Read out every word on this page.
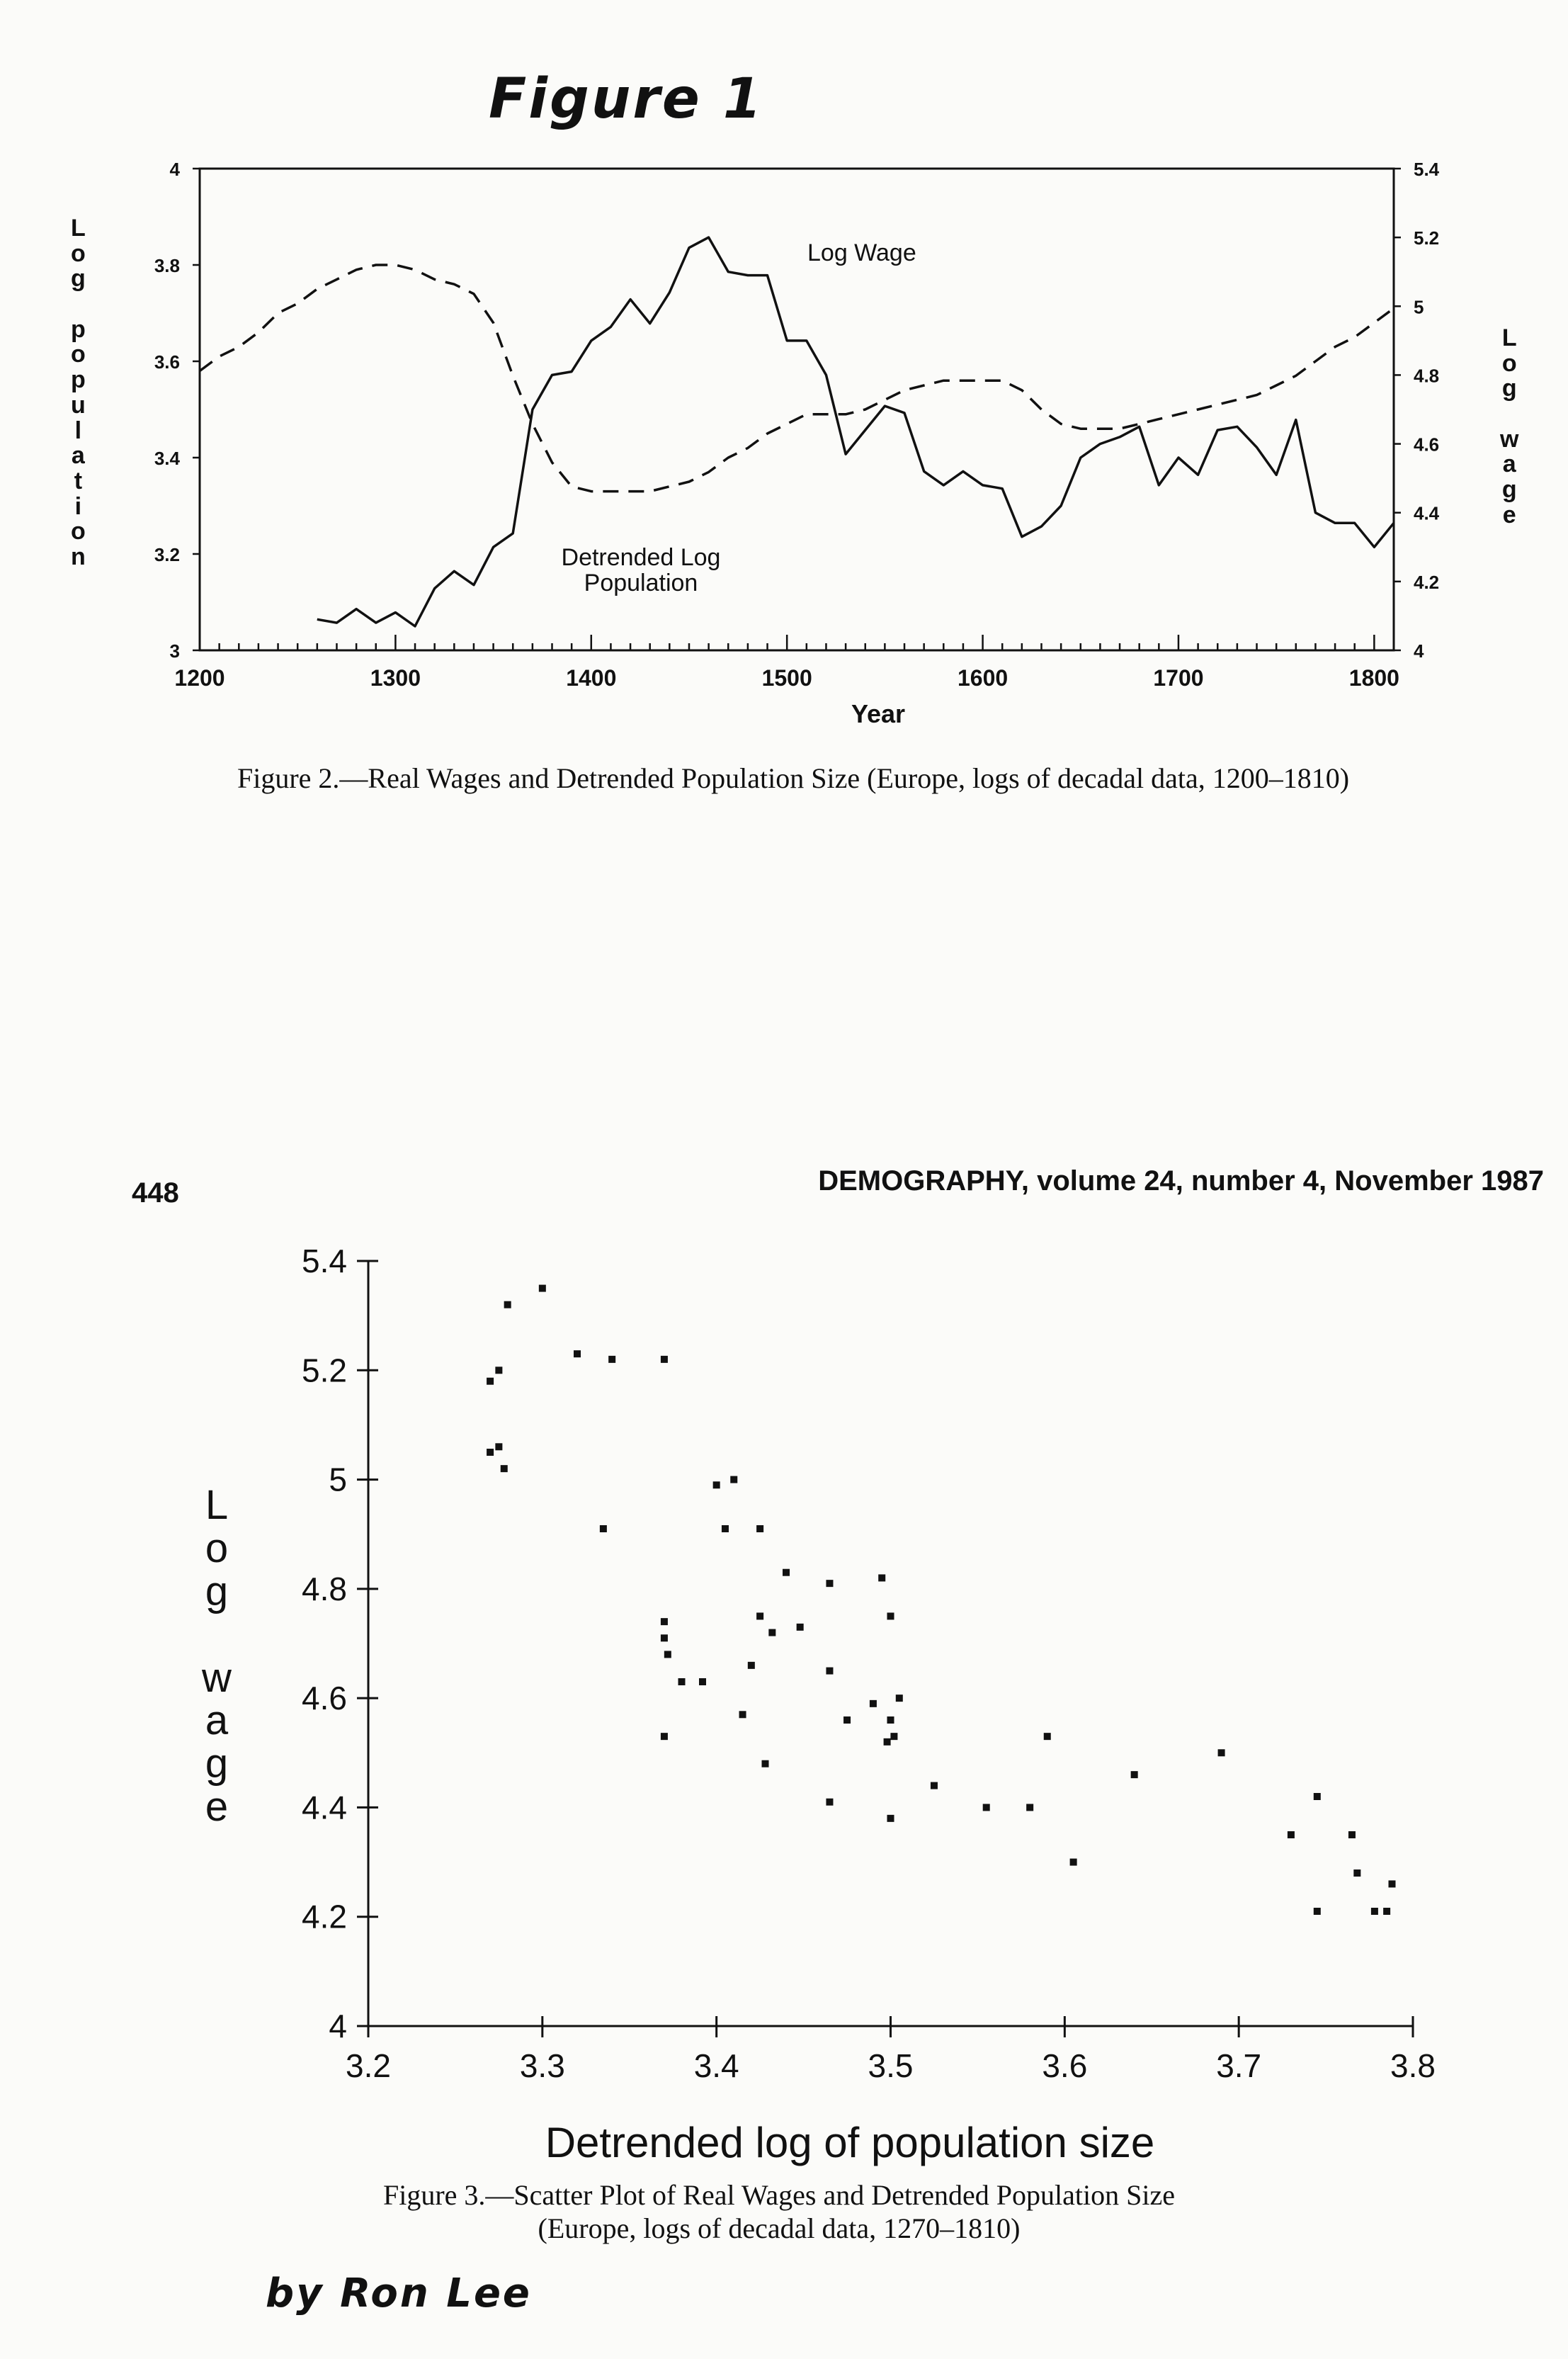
Figure 1
Log Wage
Detrended Log
Population
Year
1200	1300	1400	1500	1600	1700	1800
3
3.2
3.4
3.6
3.8
4
4
4.2
4.4
4.6
4.8
5
5.2
5.4
L
o
g

p
o
p
u
l
a
t
i
o
n
L
o
g

w
a
g
e
Figure 2.—Real Wages and Detrended Population Size (Europe, logs of decadal data, 1200–1810)
448	DEMOGRAPHY, volume 24, number 4, November 1987
4
4.2
4.4
4.6
4.8
5
5.2
5.4
3.2	3.3	3.4	3.5	3.6	3.7	3.8
L
o
g

w
a
g
e
Detrended log of population size
Figure 3.—Scatter Plot of Real Wages and Detrended Population Size
(Europe, logs of decadal data, 1270–1810)
by Ron Lee
